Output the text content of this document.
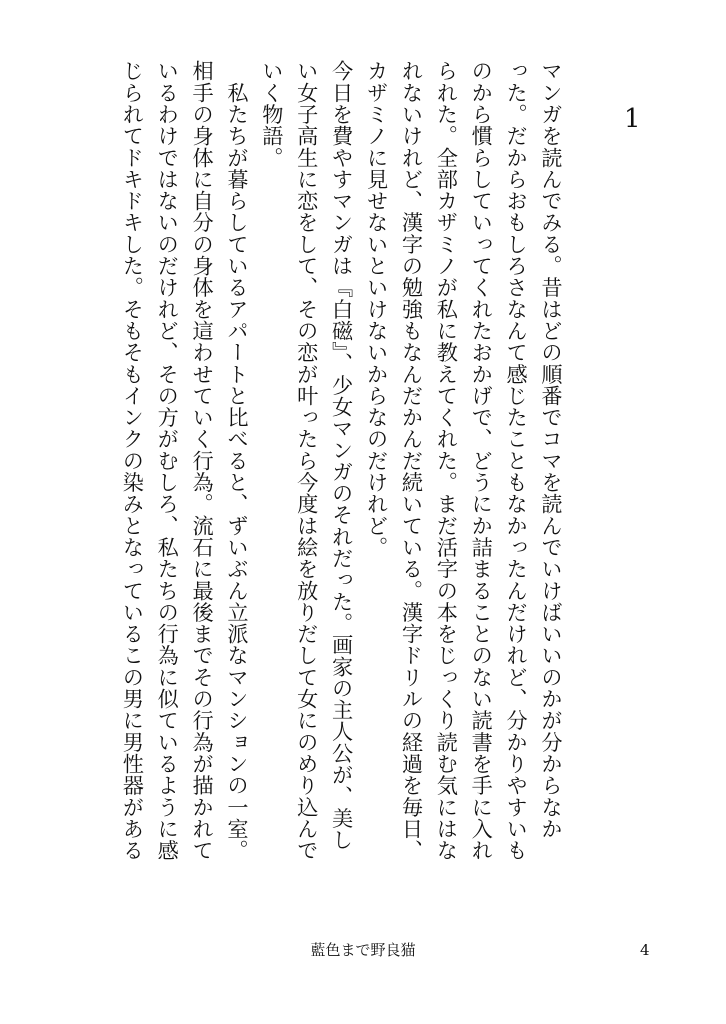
1
マンガを読んでみる。昔はどの順番でコマを読んでいけばいいのかが分からなか
った。だからおもしろさなんて感じたこともなかったんだけれど、分かりやすいも
のから慣らしていってくれたおかげで、どうにか詰まることのない読書を手に入れ
られた。全部カザミノが私に教えてくれた。まだ活字の本をじっくり読む気にはな
れないけれど、漢字の勉強もなんだかんだ続いている。漢字ドリルの経過を毎日、
カザミノに見せないといけないからなのだけれど。
今日を費やすマンガは『白磁』、少女マンガのそれだった。画家の主人公が、美し
い女子高生に恋をして、その恋が叶ったら今度は絵を放りだして女にのめり込んで
いく物語。
　私たちが暮らしているアパートと比べると、ずいぶん立派なマンションの一室。
相手の身体に自分の身体を這わせていく行為。流石に最後までその行為が描かれて
いるわけではないのだけれど、その方がむしろ、私たちの行為に似ているように感
じられてドキドキした。そもそもインクの染みとなっているこの男に男性器がある
藍色まで野良猫	4
